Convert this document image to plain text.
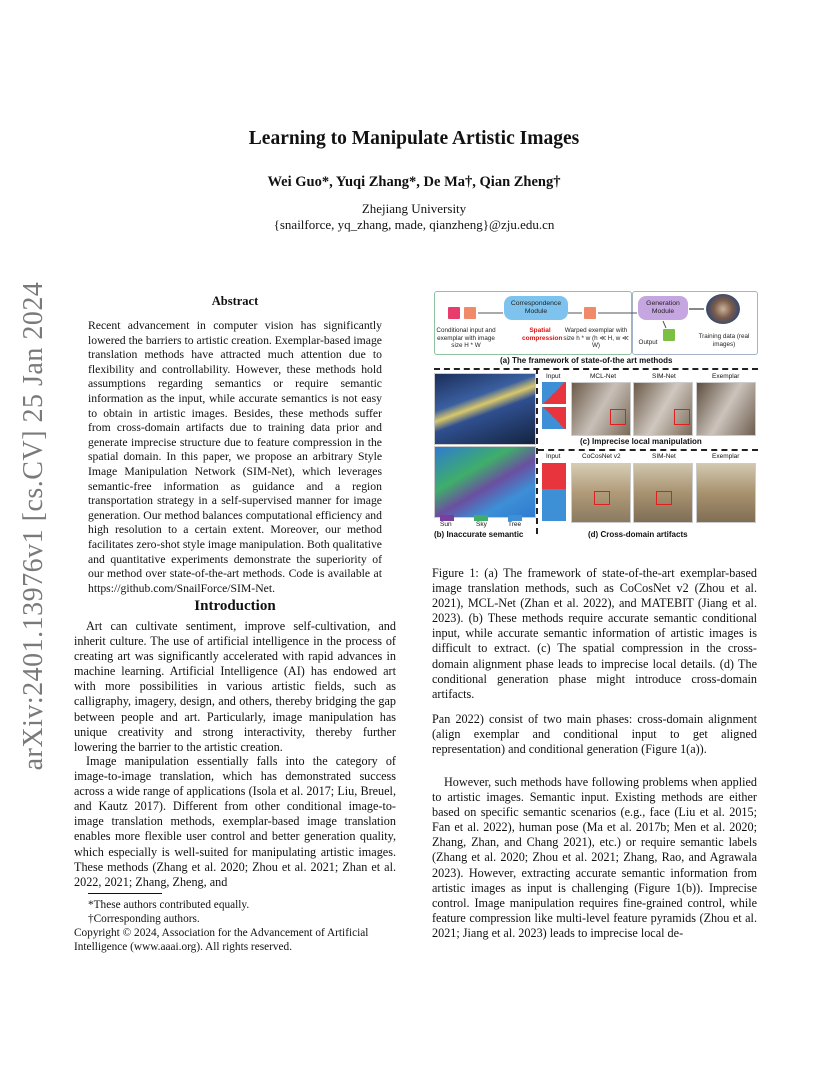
arXiv:2401.13976v1 [cs.CV] 25 Jan 2024
Learning to Manipulate Artistic Images
Wei Guo*, Yuqi Zhang*, De Ma†, Qian Zheng†
Zhejiang University
{snailforce, yq_zhang, made, qianzheng}@zju.edu.cn
Abstract
Recent advancement in computer vision has significantly lowered the barriers to artistic creation. Exemplar-based image translation methods have attracted much attention due to flexibility and controllability. However, these methods hold assumptions regarding semantics or require semantic information as the input, while accurate semantics is not easy to obtain in artistic images. Besides, these methods suffer from cross-domain artifacts due to training data prior and generate imprecise structure due to feature compression in the spatial domain. In this paper, we propose an arbitrary Style Image Manipulation Network (SIM-Net), which leverages semantic-free information as guidance and a region transportation strategy in a self-supervised manner for image generation. Our method balances computational efficiency and high resolution to a certain extent. Moreover, our method facilitates zero-shot style image manipulation. Both qualitative and quantitative experiments demonstrate the superiority of our method over state-of-the-art methods. Code is available at https://github.com/SnailForce/SIM-Net.
Introduction

Art can cultivate sentiment, improve self-cultivation, and inherit culture. The use of artificial intelligence in the process of creating art was significantly accelerated with rapid advances in machine learning. Artificial Intelligence (AI) has endowed art with more possibilities in various artistic fields, such as calligraphy, imagery, design, and others, thereby bridging the gap between people and art. Particularly, image manipulation has unique creativity and strong interactivity, thereby further lowering the barrier to the artistic creation.

Image manipulation essentially falls into the category of image-to-image translation, which has demonstrated success across a wide range of applications (Isola et al. 2017; Liu, Breuel, and Kautz 2017). Different from other conditional image-to-image translation methods, exemplar-based image translation enables more flexible user control and better generation quality, which especially is well-suited for manipulating artistic images. These methods (Zhang et al. 2020; Zhou et al. 2021; Zhan et al. 2022, 2021; Zhang, Zheng, and

*These authors contributed equally.
†Corresponding authors.
Copyright © 2024, Association for the Advancement of Artificial Intelligence (www.aaai.org). All rights reserved.
Conditional input and exemplar with image size H * W
Correspondence Module
Spatial compression
Warped exemplar with size h * w (h ≪ H, w ≪ W)
Generation Module
Output
Training data (real images)
(a) The framework of state-of-the art methods
Sun	Sky	Tree
(b) Inaccurate semantic
Input	MCL-Net	SIM-Net	Exemplar
(c) Imprecise local manipulation
Input	CoCosNet v2	SIM-Net	Exemplar
(d) Cross-domain artifacts
Figure 1: (a) The framework of state-of-the-art exemplar-based image translation methods, such as CoCosNet v2 (Zhou et al. 2021), MCL-Net (Zhan et al. 2022), and MATEBIT (Jiang et al. 2023). (b) These methods require accurate semantic conditional input, while accurate semantic information of artistic images is difficult to extract. (c) The spatial compression in the cross-domain alignment phase leads to imprecise local details. (d) The conditional generation phase might introduce cross-domain artifacts.

Pan 2022) consist of two main phases: cross-domain alignment (align exemplar and conditional input to get aligned representation) and conditional generation (Figure 1(a)).

However, such methods have following problems when applied to artistic images. Semantic input. Existing methods are either based on specific semantic scenarios (e.g., face (Liu et al. 2015; Fan et al. 2022), human pose (Ma et al. 2017b; Men et al. 2020; Zhang, Zhan, and Chang 2021), etc.) or require semantic labels (Zhang et al. 2020; Zhou et al. 2021; Zhang, Rao, and Agrawala 2023). However, extracting accurate semantic information from artistic images as input is challenging (Figure 1(b)). Imprecise control. Image manipulation requires fine-grained control, while feature compression like multi-level feature pyramids (Zhou et al. 2021; Jiang et al. 2023) leads to imprecise local de-
